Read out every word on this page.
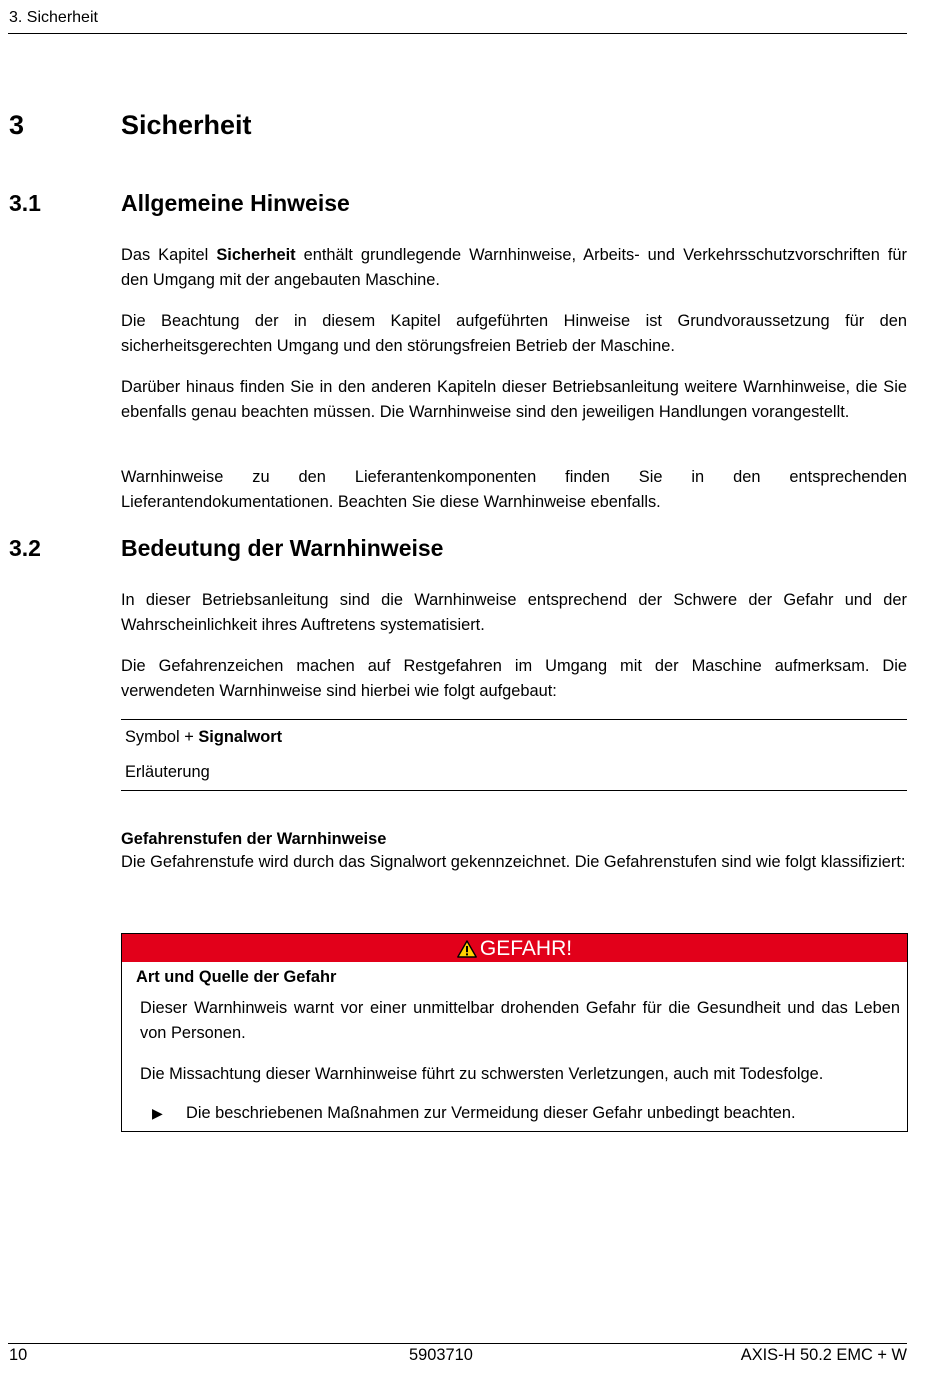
3. Sicherheit
3	Sicherheit
3.1	Allgemeine Hinweise
Das Kapitel Sicherheit enthält grundlegende Warnhinweise, Arbeits- und Verkehrsschutzvorschriften für den Umgang mit der angebauten Maschine.
Die Beachtung der in diesem Kapitel aufgeführten Hinweise ist Grundvoraussetzung für den sicherheitsgerechten Umgang und den störungsfreien Betrieb der Maschine.
Darüber hinaus finden Sie in den anderen Kapiteln dieser Betriebsanleitung weitere Warnhinweise, die Sie ebenfalls genau beachten müssen. Die Warnhinweise sind den jeweiligen Handlungen vorangestellt.
Warnhinweise zu den Lieferantenkomponenten finden Sie in den entsprechenden Lieferantendokumentationen. Beachten Sie diese Warnhinweise ebenfalls.
3.2	Bedeutung der Warnhinweise
In dieser Betriebsanleitung sind die Warnhinweise entsprechend der Schwere der Gefahr und der Wahrscheinlichkeit ihres Auftretens systematisiert.
Die Gefahrenzeichen machen auf Restgefahren im Umgang mit der Maschine aufmerksam. Die verwendeten Warnhinweise sind hierbei wie folgt aufgebaut:
Symbol + Signalwort
Erläuterung
Gefahrenstufen der Warnhinweise
Die Gefahrenstufe wird durch das Signalwort gekennzeichnet. Die Gefahrenstufen sind wie folgt klassifiziert:
GEFAHR!
Art und Quelle der Gefahr
Dieser Warnhinweis warnt vor einer unmittelbar drohenden Gefahr für die Gesundheit und das Leben von Personen.
Die Missachtung dieser Warnhinweise führt zu schwersten Verletzungen, auch mit Todesfolge.
▶ Die beschriebenen Maßnahmen zur Vermeidung dieser Gefahr unbedingt beachten.
10	5903710	AXIS-H 50.2 EMC + W
